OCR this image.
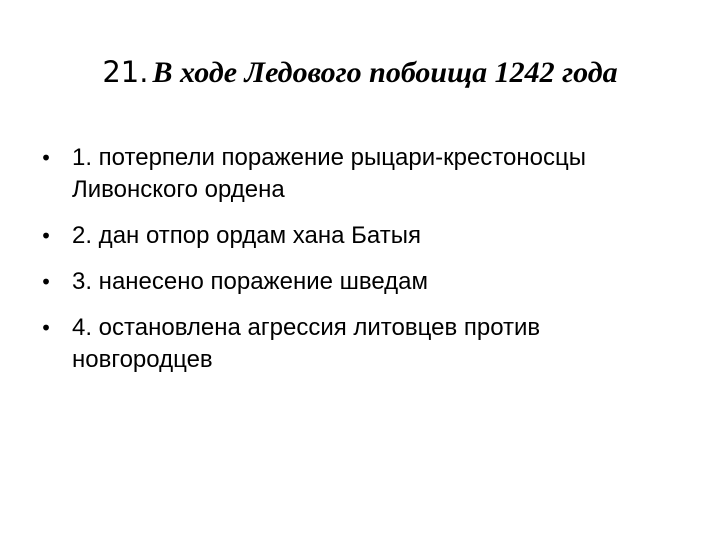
21. В ходе Ледового побоища 1242 года
• 1. потерпели поражение рыцари-крестоносцы Ливонского ордена
• 2. дан отпор ордам хана Батыя
• 3. нанесено поражение шведам
• 4. остановлена агрессия литовцев против новгородцев
